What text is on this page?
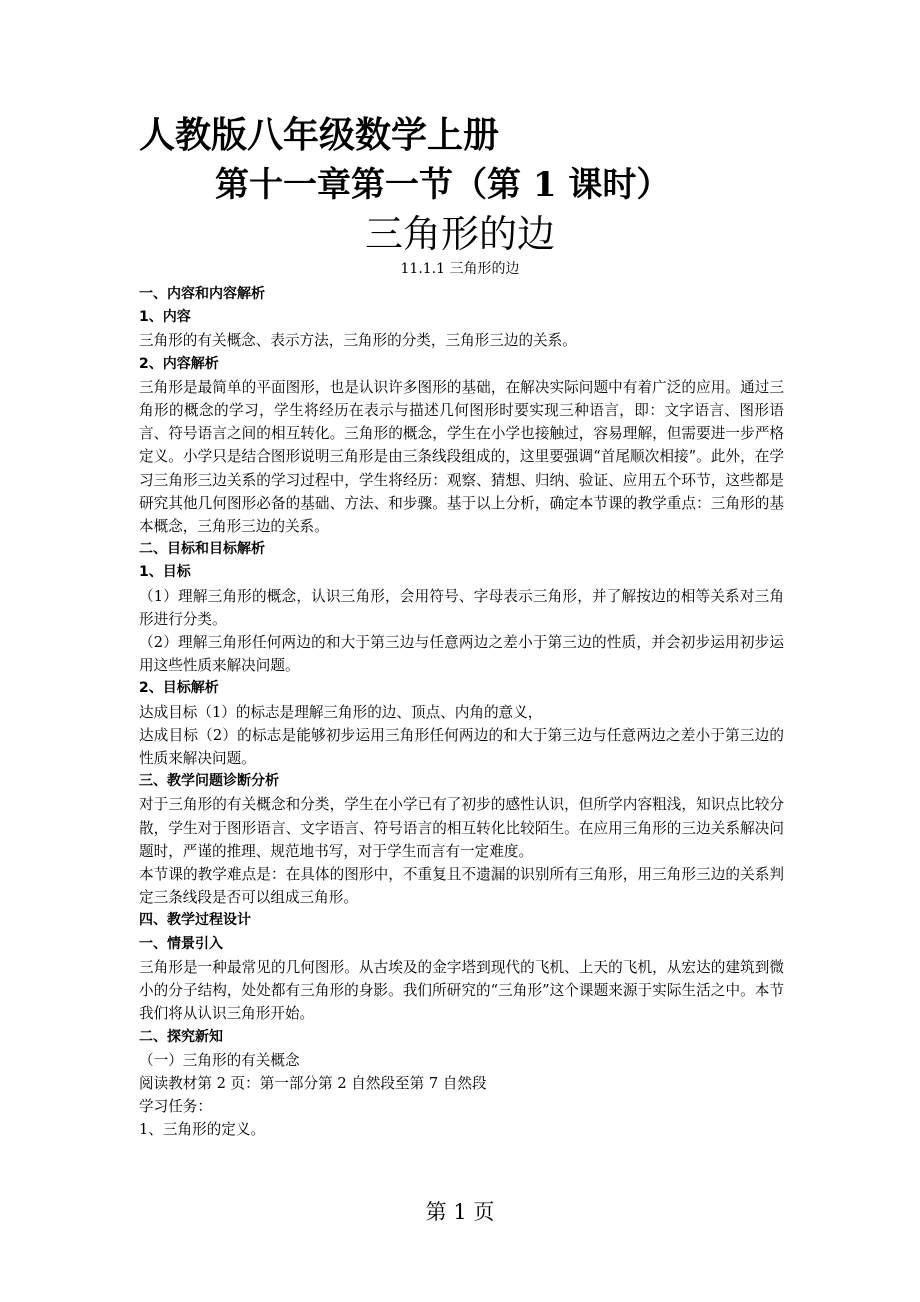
人教版八年级数学上册
第十一章第一节（第 1 课时）
三角形的边
11.1.1 三角形的边

一、内容和内容解析

1、内容

三角形的有关概念、表示方法，三角形的分类，三角形三边的关系。

2、内容解析

三角形是最简单的平面图形，也是认识许多图形的基础，在解决实际问题中有着广泛的应用。通过三角形的概念的学习，学生将经历在表示与描述几何图形时要实现三种语言，即：文字语言、图形语言、符号语言之间的相互转化。三角形的概念，学生在小学也接触过，容易理解，但需要进一步严格定义。小学只是结合图形说明三角形是由三条线段组成的，这里要强调“首尾顺次相接”。此外，在学习三角形三边关系的学习过程中，学生将经历：观察、猜想、归纳、验证、应用五个环节，这些都是研究其他几何图形必备的基础、方法、和步骤。基于以上分析，确定本节课的教学重点：三角形的基本概念，三角形三边的关系。

二、目标和目标解析

1、目标

（1）理解三角形的概念，认识三角形，会用符号、字母表示三角形，并了解按边的相等关系对三角形进行分类。

（2）理解三角形任何两边的和大于第三边与任意两边之差小于第三边的性质，并会初步运用初步运用这些性质来解决问题。

2、目标解析

达成目标（1）的标志是理解三角形的边、顶点、内角的意义，

达成目标（2）的标志是能够初步运用三角形任何两边的和大于第三边与任意两边之差小于第三边的性质来解决问题。

三、教学问题诊断分析

对于三角形的有关概念和分类，学生在小学已有了初步的感性认识，但所学内容粗浅，知识点比较分散，学生对于图形语言、文字语言、符号语言的相互转化比较陌生。在应用三角形的三边关系解决问题时，严谨的推理、规范地书写，对于学生而言有一定难度。

本节课的教学难点是：在具体的图形中，不重复且不遗漏的识别所有三角形，用三角形三边的关系判定三条线段是否可以组成三角形。

四、教学过程设计

一、情景引入

三角形是一种最常见的几何图形。从古埃及的金字塔到现代的飞机、上天的飞机，从宏达的建筑到微小的分子结构，处处都有三角形的身影。我们所研究的“三角形”这个课题来源于实际生活之中。本节我们将从认识三角形开始。

二、探究新知

（一）三角形的有关概念

阅读教材第 2 页：第一部分第 2 自然段至第 7 自然段

学习任务：

1、三角形的定义。

第 1 页
